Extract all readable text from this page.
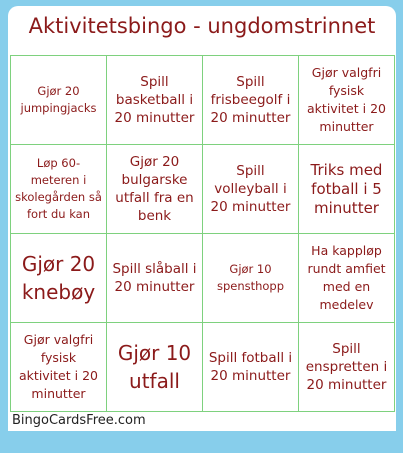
Aktivitetsbingo - ungdomstrinnet
Gjør 20 jumpingjacks
Spill basketball i 20 minutter
Spill frisbeegolf i 20 minutter
Gjør valgfri fysisk aktivitet i 20 minutter
Løp 60-meteren i skolegården så fort du kan
Gjør 20 bulgarske utfall fra en benk
Spill volleyball i 20 minutter
Triks med fotball i 5 minutter
Gjør 20 knebøy
Spill slåball i 20 minutter
Gjør 10 spensthopp
Ha kappløp rundt amfiet med en medelev
Gjør valgfri fysisk aktivitet i 20 minutter
Gjør 10 utfall
Spill fotball i 20 minutter
Spill enspretten i 20 minutter
BingoCardsFree.com
